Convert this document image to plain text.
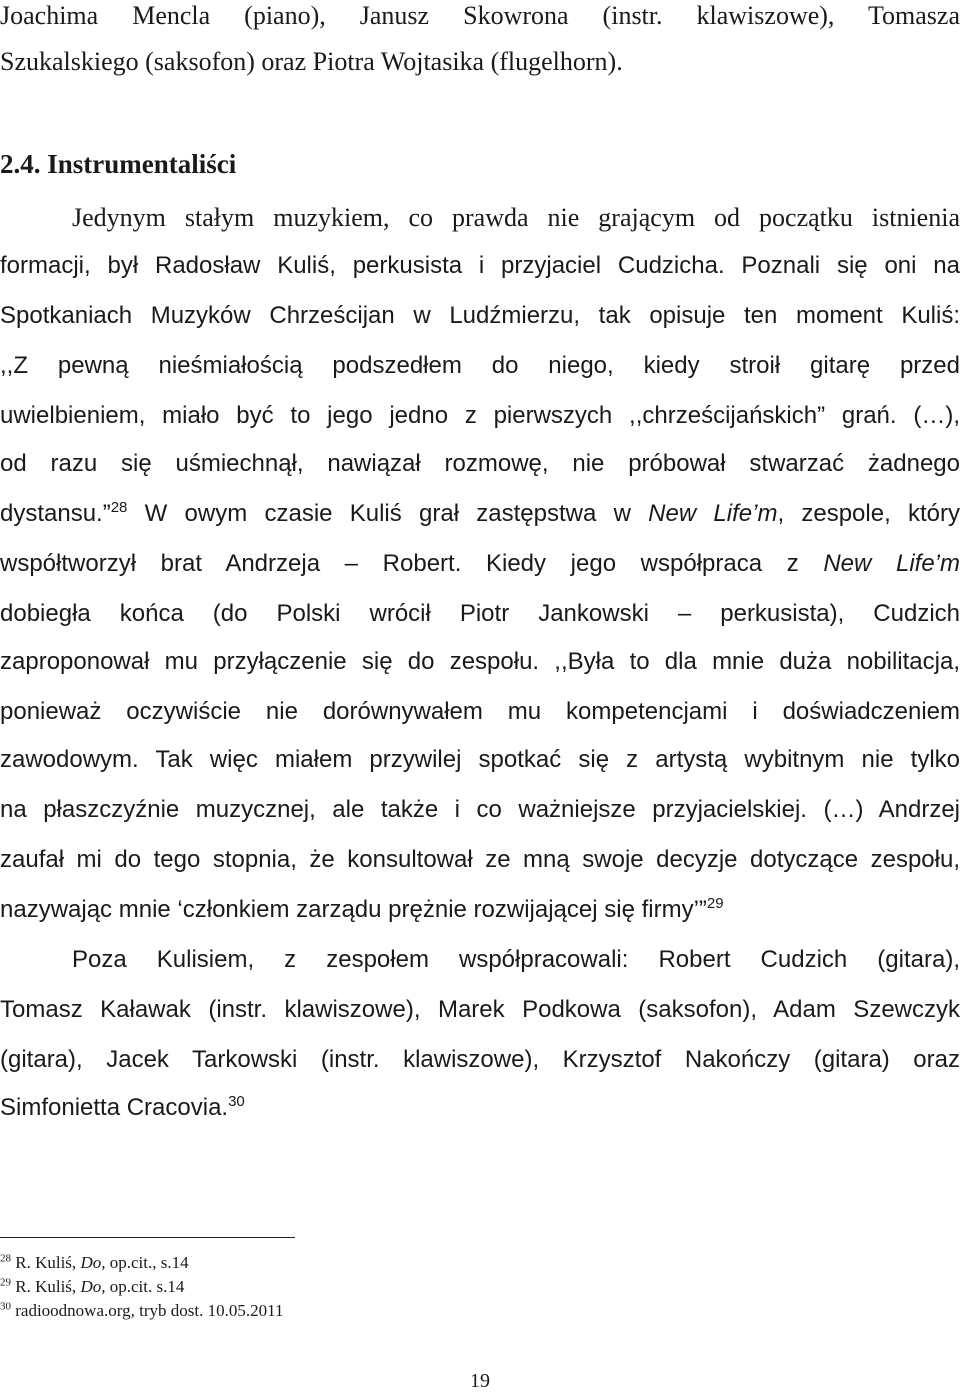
Joachima Mencla (piano), Janusz Skowrona (instr. klawiszowe), Tomasza
Szukalskiego (saksofon) oraz Piotra Wojtasika (flugelhorn).
2.4. Instrumentaliści
Jedynym stałym muzykiem, co prawda nie grającym od początku istnienia
formacji, był Radosław Kuliś, perkusista i przyjaciel Cudzicha. Poznali się oni na
Spotkaniach Muzyków Chrześcijan w Ludźmierzu, tak opisuje ten moment Kuliś:
,,Z pewną nieśmiałością podszedłem do niego, kiedy stroił gitarę przed
uwielbieniem, miało być to jego jedno z pierwszych ,,chrześcijańskich” grań. (…),
od razu się uśmiechnął, nawiązał rozmowę, nie próbował stwarzać żadnego
dystansu.”$^{28}$ W owym czasie Kuliś grał zastępstwa w New Life’m, zespole, który
współtworzył brat Andrzeja – Robert. Kiedy jego współpraca z New Life’m
dobiegła końca (do Polski wrócił Piotr Jankowski – perkusista), Cudzich
zaproponował mu przyłączenie się do zespołu. ,,Była to dla mnie duża nobilitacja,
ponieważ oczywiście nie dorównywałem mu kompetencjami i doświadczeniem
zawodowym. Tak więc miałem przywilej spotkać się z artystą wybitnym nie tylko
na płaszczyźnie muzycznej, ale także i co ważniejsze przyjacielskiej. (…) Andrzej
zaufał mi do tego stopnia, że konsultował ze mną swoje decyzje dotyczące zespołu,
nazywając mnie ‘członkiem zarządu prężnie rozwijającej się firmy’”$^{29}$
Poza Kulisiem, z zespołem współpracowali: Robert Cudzich (gitara),
Tomasz Kaławak (instr. klawiszowe), Marek Podkowa (saksofon), Adam Szewczyk
(gitara), Jacek Tarkowski (instr. klawiszowe), Krzysztof Nakończy (gitara) oraz
Simfonietta Cracovia.$^{30}$
$^{28}$ R. Kuliś, Do, op.cit., s.14
$^{29}$ R. Kuliś, Do, op.cit. s.14
$^{30}$ radioodnowa.org, tryb dost. 10.05.2011
19
